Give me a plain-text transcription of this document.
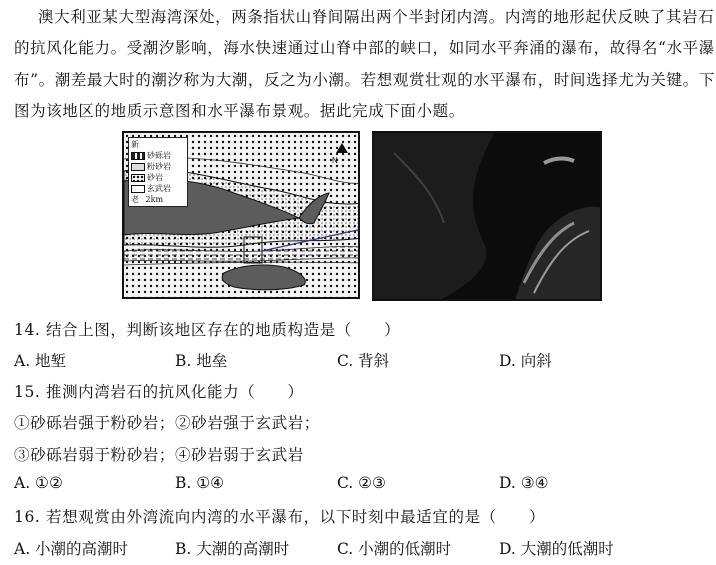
澳大利亚某大型海湾深处，两条指状山脊间隔出两个半封闭内湾。内湾的地形起伏反映了其岩石
的抗风化能力。受潮汐影响，海水快速通过山脊中部的峡口，如同水平奔涌的瀑布，故得名“水平瀑
布”。潮差最大时的潮汐称为大潮，反之为小潮。若想观赏壮观的水平瀑布，时间选择尤为关键。下
图为该地区的地质示意图和水平瀑布景观。据此完成下面小题。
N
新
砂砾岩
粉砂岩
砂岩
玄武岩
老
2km
14. 结合上图，判断该地区存在的地质构造是（　　）
A. 地堑	B. 地垒	C. 背斜	D. 向斜
15. 推测内湾岩石的抗风化能力（　　）
①砂砾岩强于粉砂岩；②砂岩强于玄武岩；
③砂砾岩弱于粉砂岩；④砂岩弱于玄武岩
A. ①②	B. ①④	C. ②③	D. ③④
16. 若想观赏由外湾流向内湾的水平瀑布，以下时刻中最适宜的是（　　）
A. 小潮的高潮时	B. 大潮的高潮时	C. 小潮的低潮时	D. 大潮的低潮时
